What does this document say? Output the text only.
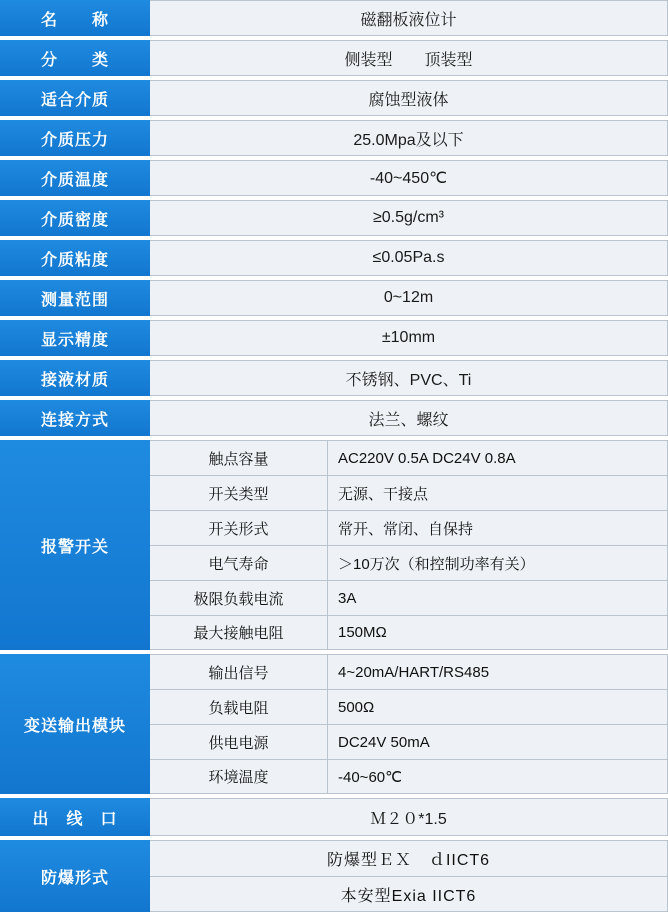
名　　称	磁翻板液位计
分　　类	侧装型 顶装型
适合介质	腐蚀型液体
介质压力	25.0Mpa及以下
介质温度	-40~450℃
介质密度	≥0.5g/cm³
介质粘度	≤0.05Pa.s
测量范围	0~12m
显示精度	±10mm
接液材质	不锈钢、PVC、Ti
连接方式	法兰、螺纹
报警开关
触点容量	AC220V 0.5A DC24V 0.8A
开关类型	无源、干接点
开关形式	常开、常闭、自保持
电气寿命	＞10万次（和控制功率有关）
极限负载电流	3A
最大接触电阻	150MΩ
变送输出模块
输出信号	4~20mA/HART/RS485
负载电阻	500Ω
供电电源	DC24V 50mA
环境温度	-40~60℃
出　线　口	Ｍ２０*1.5
防爆形式
防爆型ＥＸ　ｄIICT6
本安型Exia IICT6
